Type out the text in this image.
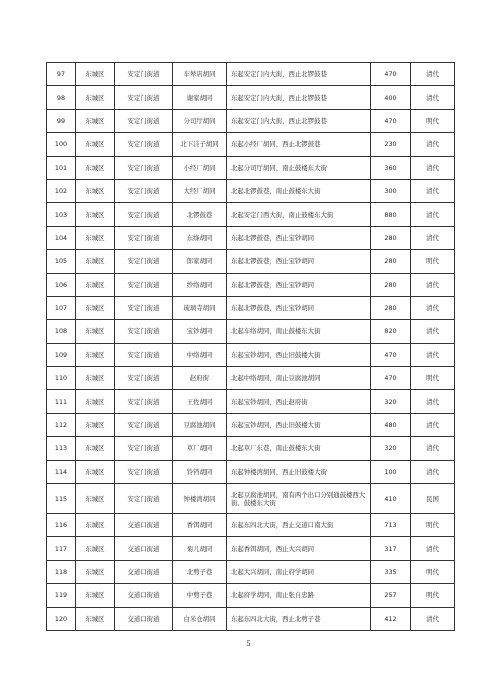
97	东城区	安定门街道	车辇店胡同	东起安定门内大街，西止北锣鼓巷	470	清代
98	东城区	安定门街道	谢家胡同	东起安定门内大街，西止北锣鼓巷	400	清代
99	东城区	安定门街道	分司厅胡同	东起安定门内大街，西止北锣鼓巷	470	明代
100	东城区	安定门街道	北下洼子胡同	东起小经厂胡同，西止北锣鼓巷	230	清代
101	东城区	安定门街道	小经厂胡同	北起分司厅胡同，南止鼓楼东大街	360	清代
102	东城区	安定门街道	大经厂胡同	北起北锣鼓巷，南止鼓楼东大街	300	清代
103	东城区	安定门街道	北锣鼓巷	北起安定门西大街，南止鼓楼东大街	880	清代
104	东城区	安定门街道	东绦胡同	东起北锣鼓巷，西止宝钞胡同	280	清代
105	东城区	安定门街道	郎家胡同	东起北锣鼓巷，西止宝钞胡同	280	明代
106	东城区	安定门街道	纱络胡同	东起北锣鼓巷，西止宝钞胡同	280	清代
107	东城区	安定门街道	琉璃寺胡同	东起北锣鼓巷，西止宝钞胡同	280	清代
108	东城区	安定门街道	宝钞胡同	北起车络胡同，南止鼓楼东大街	820	清代
109	东城区	安定门街道	中络胡同	东起宝钞胡同，西止旧鼓楼大街	470	清代
110	东城区	安定门街道	赵府街	北起中络胡同，南止豆腐池胡同	470	明代
111	东城区	安定门街道	王佐胡同	东起宝钞胡同，西止赵府街	320	清代
112	东城区	安定门街道	豆腐池胡同	东起宝钞胡同，西止旧鼓楼大街	480	清代
113	东城区	安定门街道	草厂胡同	北起草厂东巷，南止鼓楼东大街	320	清代
114	东城区	安定门街道	铃铛胡同	东起钟楼湾胡同，西止旧鼓楼大街	100	清代
115	东城区	安定门街道	钟楼湾胡同	北起豆腐池胡同，南有两个出口分别通鼓楼西大街、鼓楼东大街	410	民国
116	东城区	交道口街道	香饵胡同	东起东四北大街，西止交道口南大街	713	明代
117	东城区	交道口街道	菊儿胡同	东起香饵胡同，西止大兴胡同	317	清代
118	东城区	交道口街道	北剪子巷	北起大兴胡同，南止府学胡同	335	明代
119	东城区	交道口街道	中剪子巷	北起府学胡同，南止张自忠路	257	明代
120	东城区	交道口街道	白米仓胡同	东起东四北大街，西止北剪子巷	412	清代
5
